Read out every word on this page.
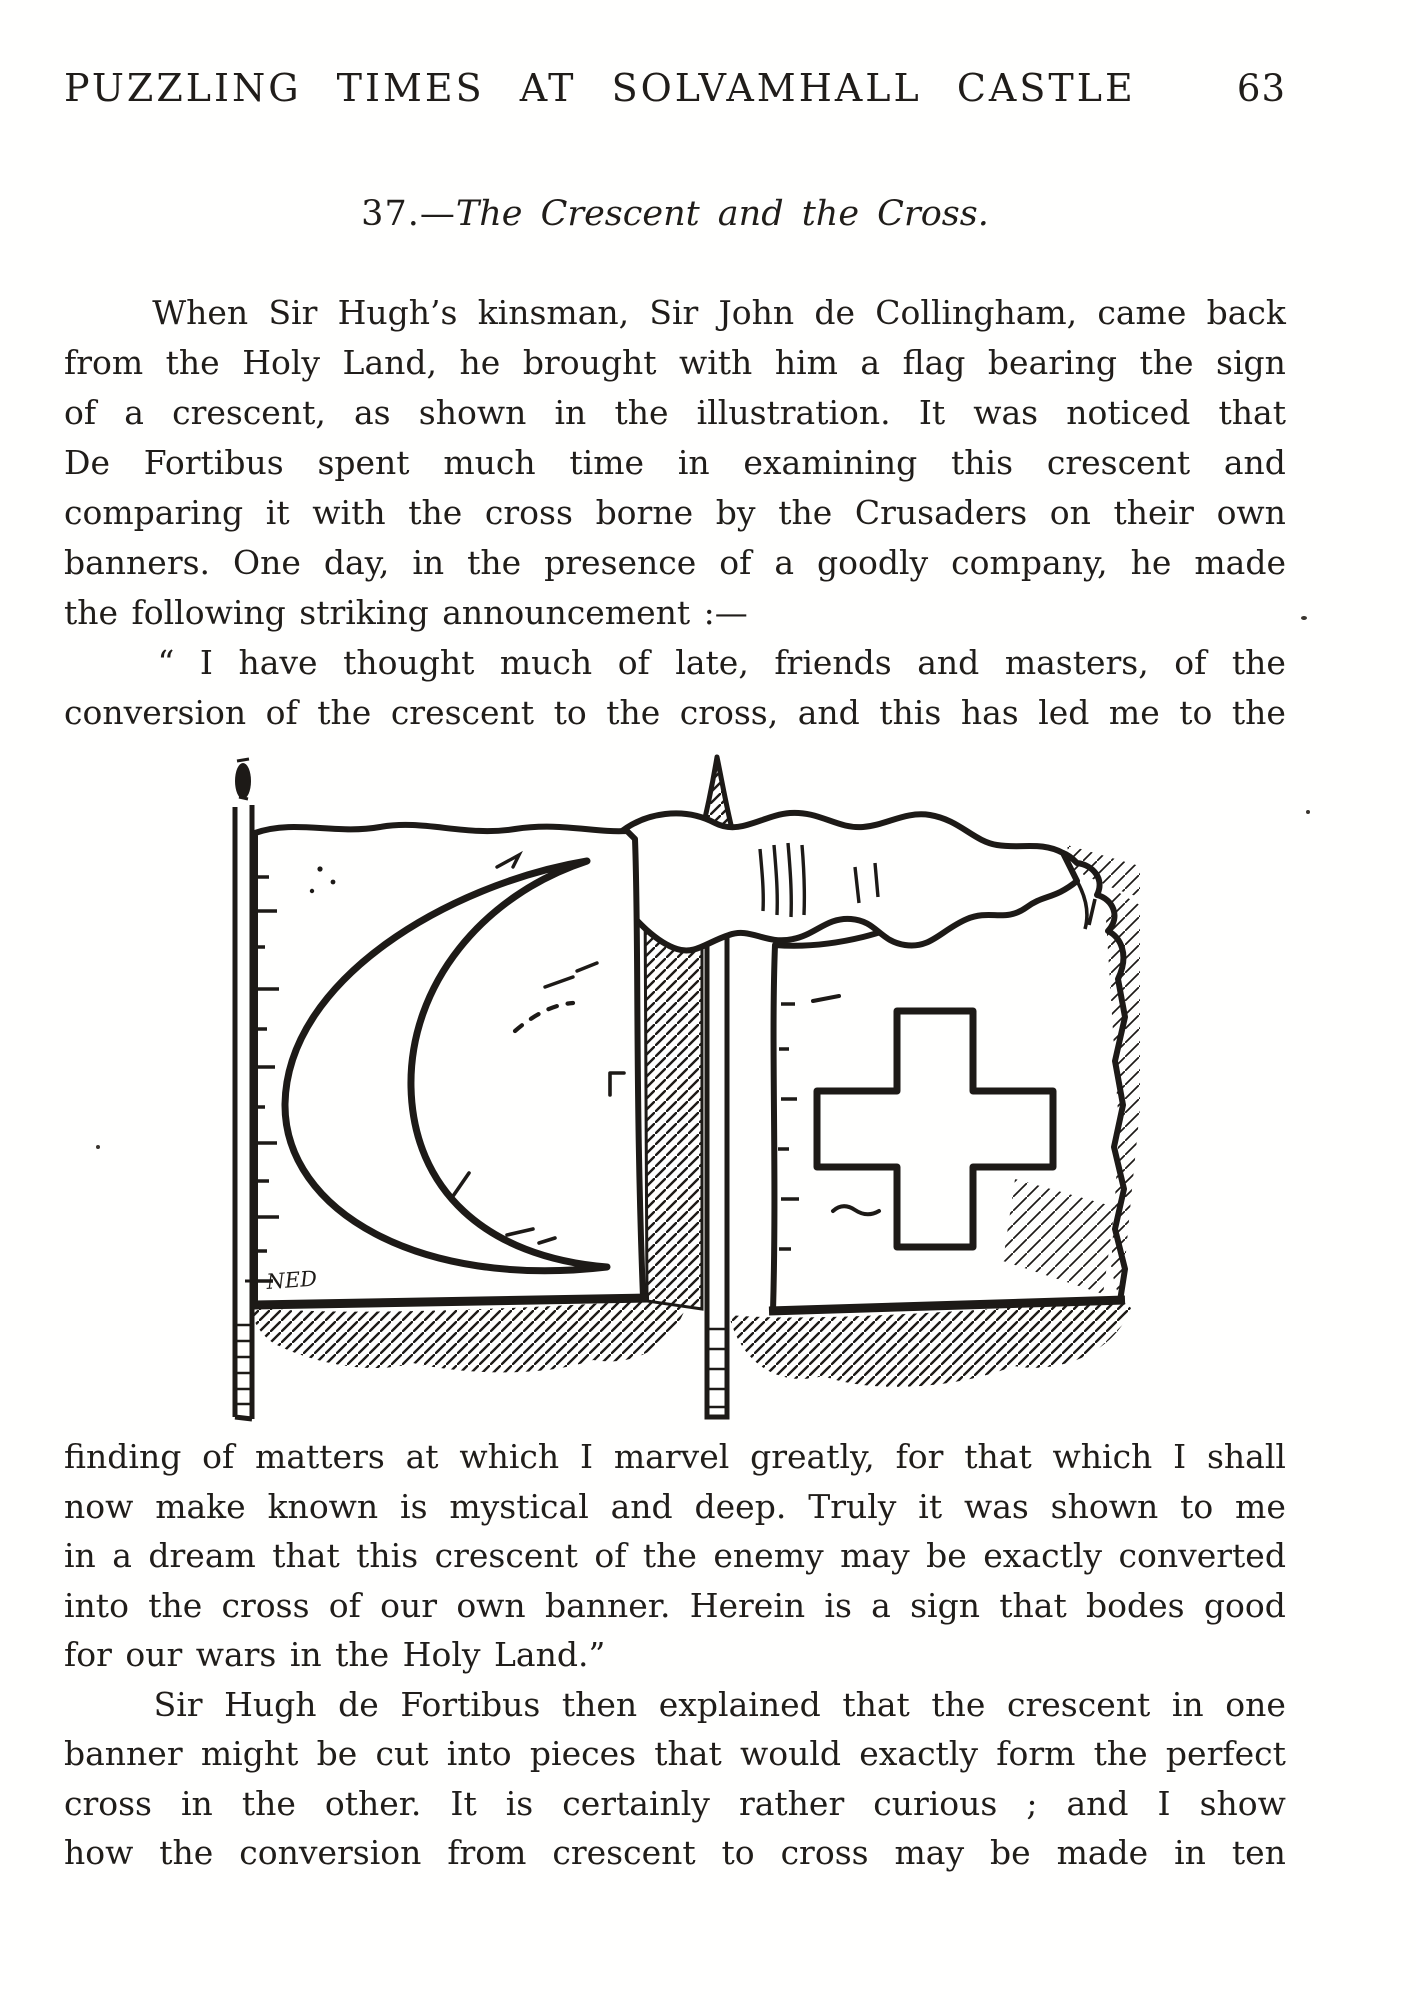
PUZZLING TIMES AT SOLVAMHALL CASTLE	63
37.—The Crescent and the Cross.
When Sir Hugh’s kinsman, Sir John de Collingham, came back
from the Holy Land, he brought with him a flag bearing the sign
of a crescent, as shown in the illustration. It was noticed that
De Fortibus spent much time in examining this crescent and
comparing it with the cross borne by the Crusaders on their own
banners. One day, in the presence of a goodly company, he made
the following striking announcement :—
“ I have thought much of late, friends and masters, of the
conversion of the crescent to the cross, and this has led me to the
NED
finding of matters at which I marvel greatly, for that which I shall
now make known is mystical and deep. Truly it was shown to me
in a dream that this crescent of the enemy may be exactly converted
into the cross of our own banner. Herein is a sign that bodes good
for our wars in the Holy Land.”
Sir Hugh de Fortibus then explained that the crescent in one
banner might be cut into pieces that would exactly form the perfect
cross in the other. It is certainly rather curious ; and I show
how the conversion from crescent to cross may be made in ten
